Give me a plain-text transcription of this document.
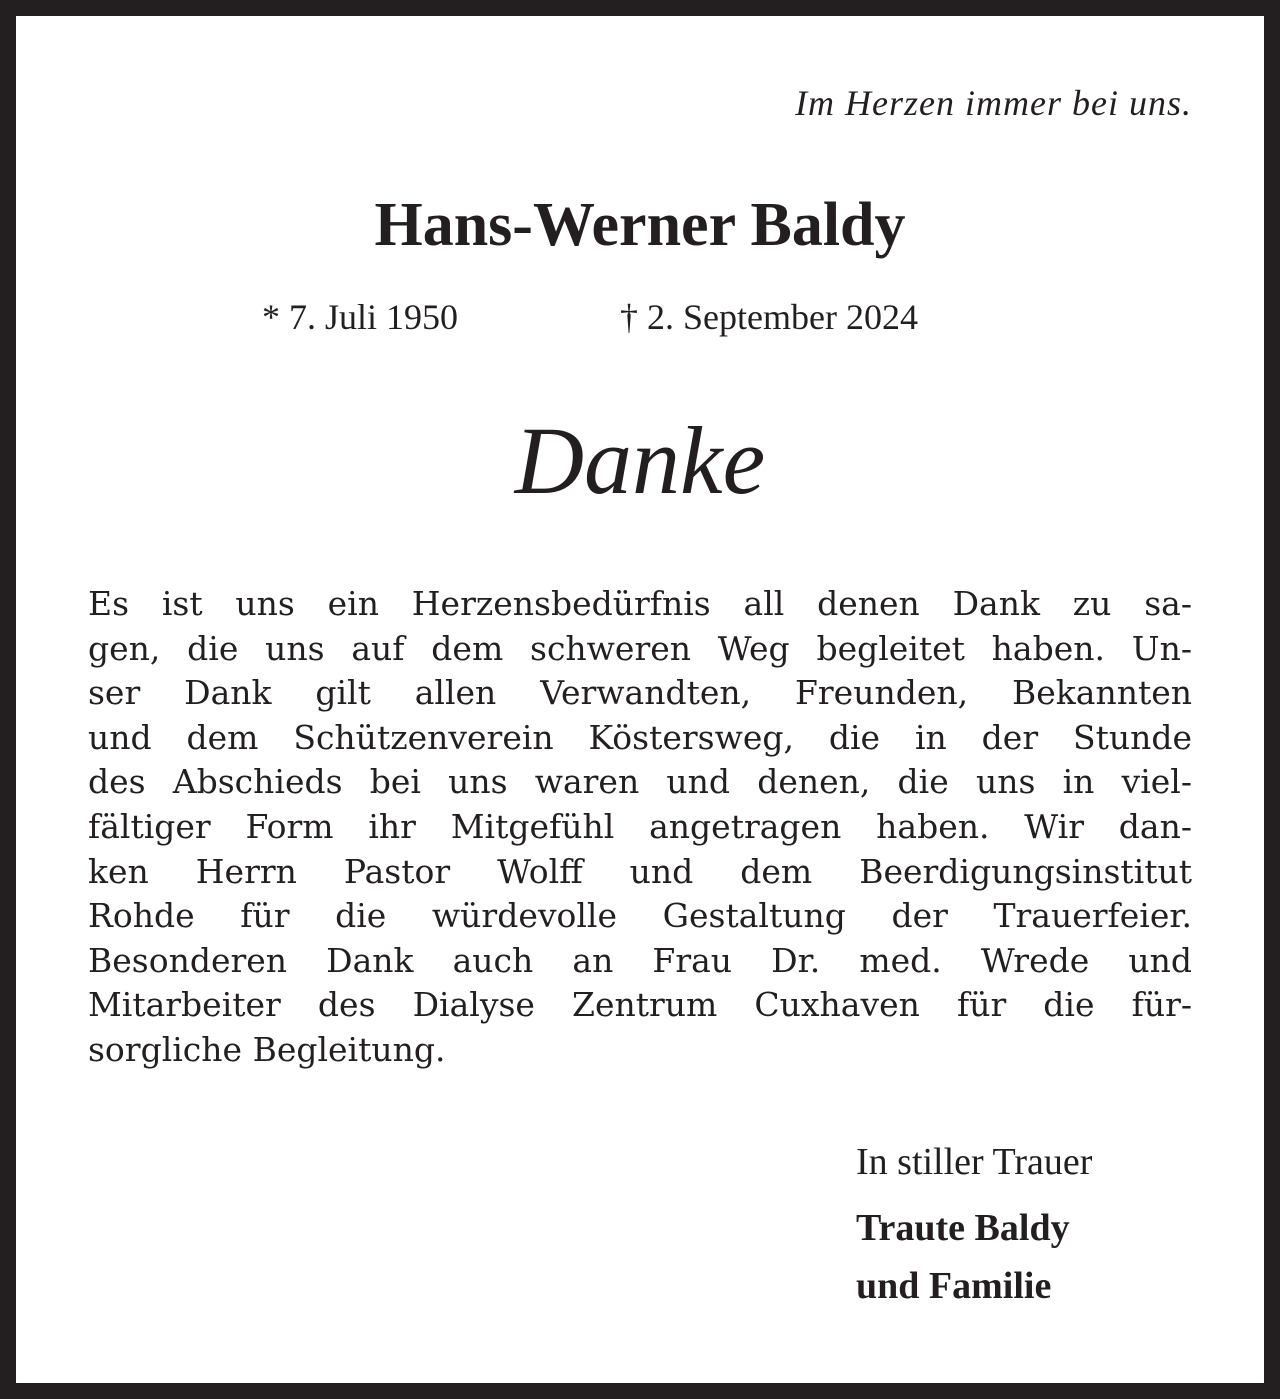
Im Herzen immer bei uns.
Hans-Werner Baldy
* 7. Juli 1950	† 2. September 2024
Danke
Es ist uns ein Herzensbedürfnis all denen Dank zu sa-
gen, die uns auf dem schweren Weg begleitet haben. Un-
ser Dank gilt allen Verwandten, Freunden, Bekannten
und dem Schützenverein Köstersweg, die in der Stunde
des Abschieds bei uns waren und denen, die uns in viel-
fältiger Form ihr Mitgefühl angetragen haben. Wir dan-
ken Herrn Pastor Wolff und dem Beerdigungsinstitut
Rohde für die würdevolle Gestaltung der Trauerfeier.
Besonderen Dank auch an Frau Dr. med. Wrede und
Mitarbeiter des Dialyse Zentrum Cuxhaven für die für-
sorgliche Begleitung.
In stiller Trauer
Traute Baldy
und Familie
